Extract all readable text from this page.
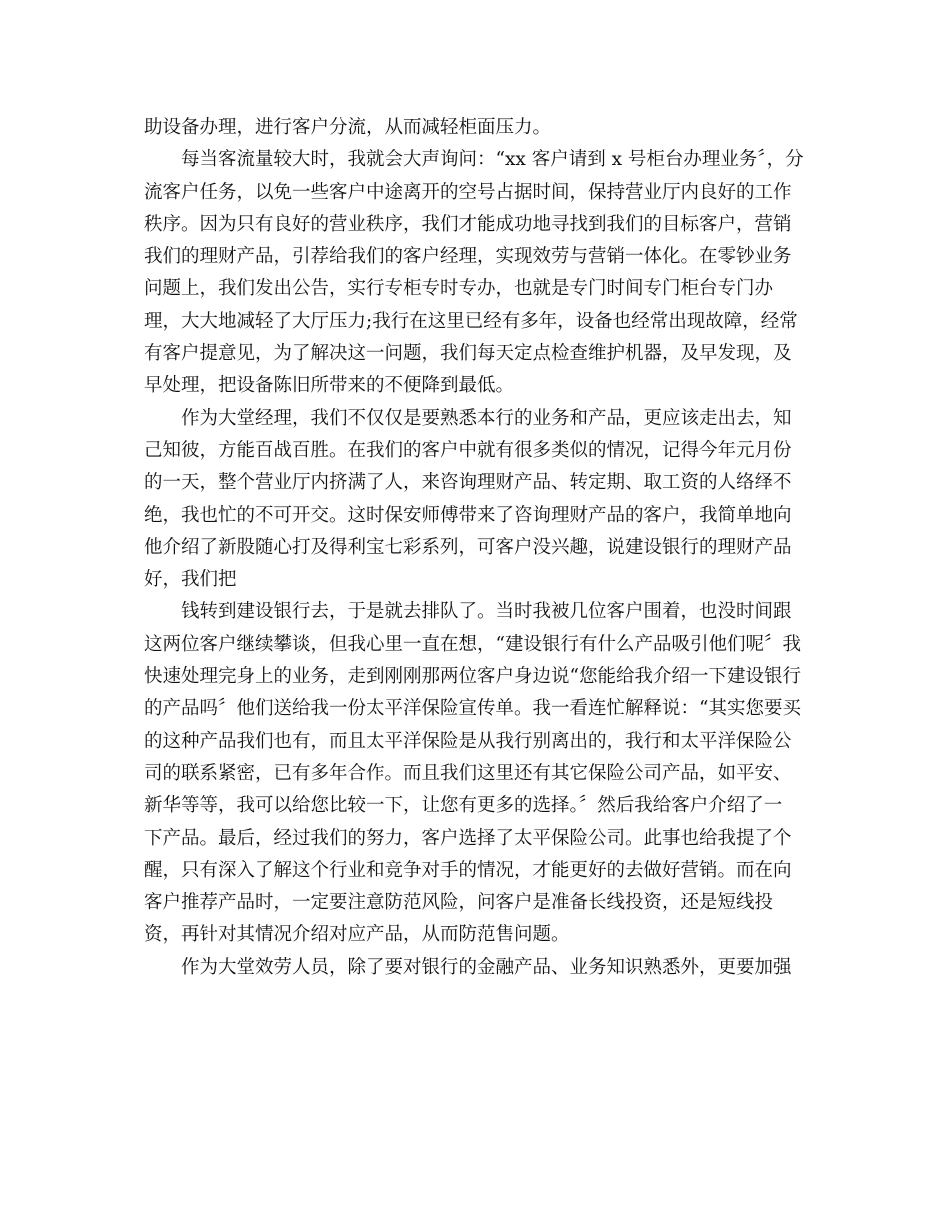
助设备办理，进行客户分流，从而减轻柜面压力。
每当客流量较大时，我就会大声询问：“xx 客户请到 x 号柜台办理业务〞，分
流客户任务，以免一些客户中途离开的空号占据时间，保持营业厅内良好的工作
秩序。因为只有良好的营业秩序，我们才能成功地寻找到我们的目标客户，营销
我们的理财产品，引荐给我们的客户经理，实现效劳与营销一体化。在零钞业务
问题上，我们发出公告，实行专柜专时专办，也就是专门时间专门柜台专门办
理，大大地减轻了大厅压力;我行在这里已经有多年，设备也经常出现故障，经常
有客户提意见，为了解决这一问题，我们每天定点检查维护机器，及早发现，及
早处理，把设备陈旧所带来的不便降到最低。
作为大堂经理，我们不仅仅是要熟悉本行的业务和产品，更应该走出去，知
己知彼，方能百战百胜。在我们的客户中就有很多类似的情况，记得今年元月份
的一天，整个营业厅内挤满了人，来咨询理财产品、转定期、取工资的人络绎不
绝，我也忙的不可开交。这时保安师傅带来了咨询理财产品的客户，我简单地向
他介绍了新股随心打及得利宝七彩系列，可客户没兴趣，说建设银行的理财产品
好，我们把
钱转到建设银行去，于是就去排队了。当时我被几位客户围着，也没时间跟
这两位客户继续攀谈，但我心里一直在想，“建设银行有什么产品吸引他们呢〞我
快速处理完身上的业务，走到刚刚那两位客户身边说“您能给我介绍一下建设银行
的产品吗〞他们送给我一份太平洋保险宣传单。我一看连忙解释说：“其实您要买
的这种产品我们也有，而且太平洋保险是从我行别离出的，我行和太平洋保险公
司的联系紧密，已有多年合作。而且我们这里还有其它保险公司产品，如平安、
新华等等，我可以给您比较一下，让您有更多的选择。〞然后我给客户介绍了一
下产品。最后，经过我们的努力，客户选择了太平保险公司。此事也给我提了个
醒，只有深入了解这个行业和竞争对手的情况，才能更好的去做好营销。而在向
客户推荐产品时，一定要注意防范风险，问客户是准备长线投资，还是短线投
资，再针对其情况介绍对应产品，从而防范售问题。
作为大堂效劳人员，除了要对银行的金融产品、业务知识熟悉外，更要加强
